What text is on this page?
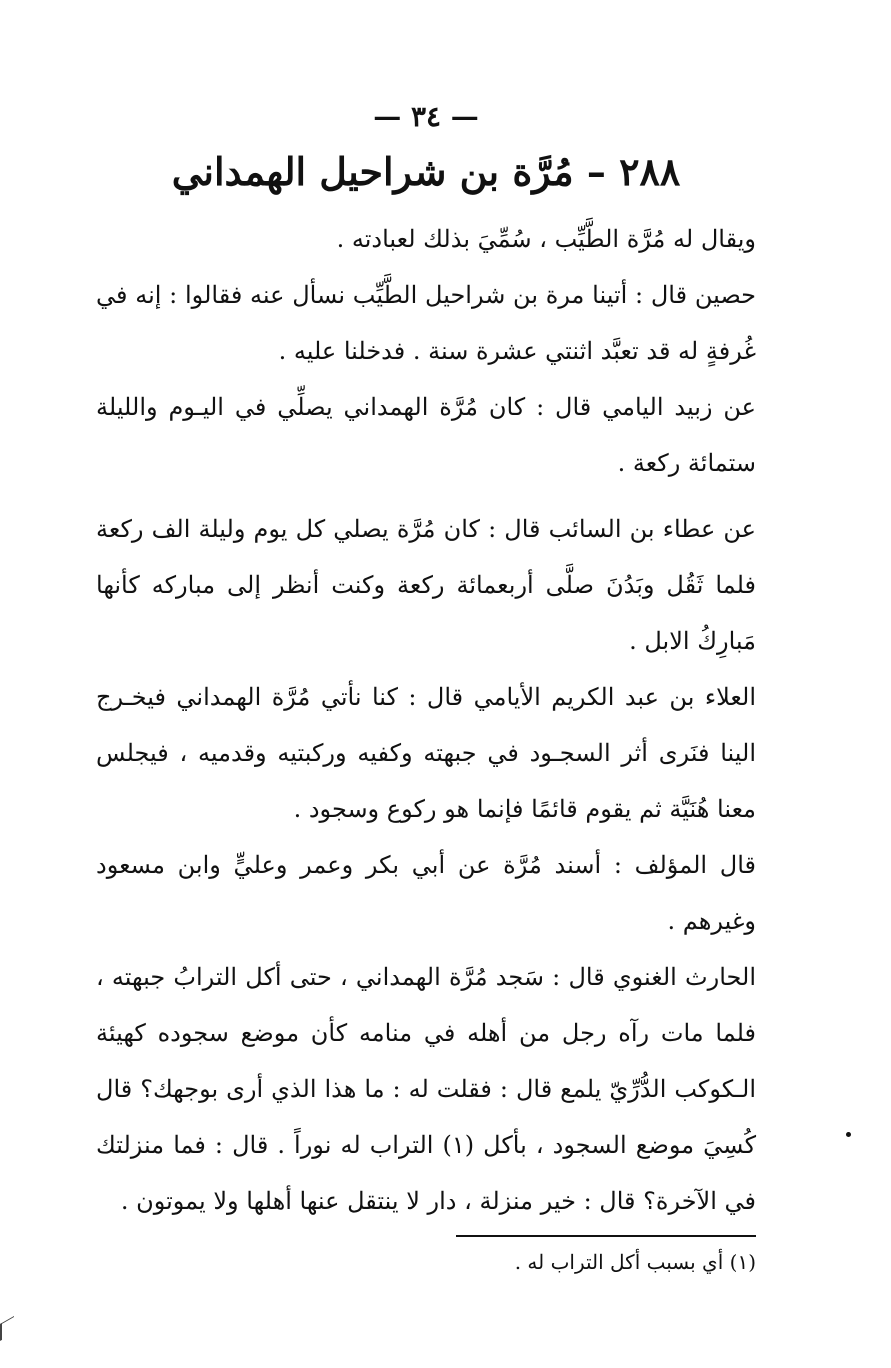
— ٣٤ —
٢٨٨ – مُرَّة بن شراحيل الهمداني

ويقال له مُرَّة الطَّيِّب ، سُمِّيَ بذلك لعبادته .

حصين قال : أتينا مرة بن شراحيل الطَّيِّب نسأل عنه فقالوا : إنه في غُرفةٍ له قد تعبَّد اثنتي عشرة سنة . فدخلنا عليه .

عن زبيد اليامي قال : كان مُرَّة الهمداني يصلِّي في اليـوم والليلة ستمائة ركعة .

عن عطاء بن السائب قال : كان مُرَّة يصلي كل يوم وليلة الف ركعة فلما ثَقُل وبَدُنَ صلَّى أربعمائة ركعة وكنت أنظر إلى مباركه كأنها مَبارِكُ الابل .

العلاء بن عبد الكريم الأيامي قال : كنا نأتي مُرَّة الهمداني فيخـرج الينا فنَرى أثر السجـود في جبهته وكفيه وركبتيه وقدميه ، فيجلس معنا هُنَيَّة ثم يقوم قائمًا فإنما هو ركوع وسجود .

قال المؤلف : أسند مُرَّة عن أبي بكر وعمر وعليٍّ وابن مسعود وغيرهم .

الحارث الغنوي قال : سَجد مُرَّة الهمداني ، حتى أكل الترابُ جبهته ، فلما مات رآه رجل من أهله في منامه كأن موضع سجوده كهيئة الـكوكب الدُّرِّيّ يلمع قال : فقلت له : ما هذا الذي أرى بوجهك؟ قال كُسِيَ موضع السجود ، بأكل (١) التراب له نوراً . قال : فما منزلتك في الآخرة؟ قال : خير منزلة ، دار لا ينتقل عنها أهلها ولا يموتون .

(١) أي بسبب أكل التراب له .
